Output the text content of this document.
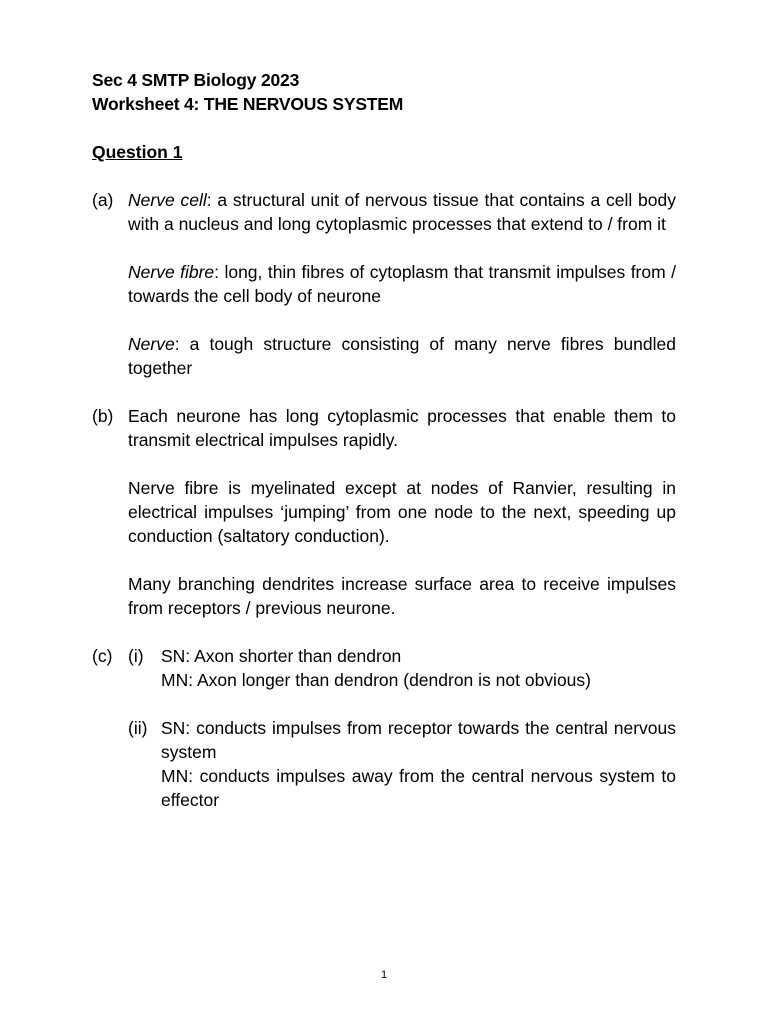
Sec 4 SMTP Biology 2023
Worksheet 4: THE NERVOUS SYSTEM
Question 1
(a) Nerve cell: a structural unit of nervous tissue that contains a cell body with a nucleus and long cytoplasmic processes that extend to / from it
Nerve fibre: long, thin fibres of cytoplasm that transmit impulses from / towards the cell body of neurone
Nerve: a tough structure consisting of many nerve fibres bundled together
(b) Each neurone has long cytoplasmic processes that enable them to transmit electrical impulses rapidly.
Nerve fibre is myelinated except at nodes of Ranvier, resulting in electrical impulses ‘jumping’ from one node to the next, speeding up conduction (saltatory conduction).
Many branching dendrites increase surface area to receive impulses from receptors / previous neurone.
(c) (i) SN: Axon shorter than dendron
MN: Axon longer than dendron (dendron is not obvious)
(ii) SN: conducts impulses from receptor towards the central nervous system
MN: conducts impulses away from the central nervous system to effector
1
